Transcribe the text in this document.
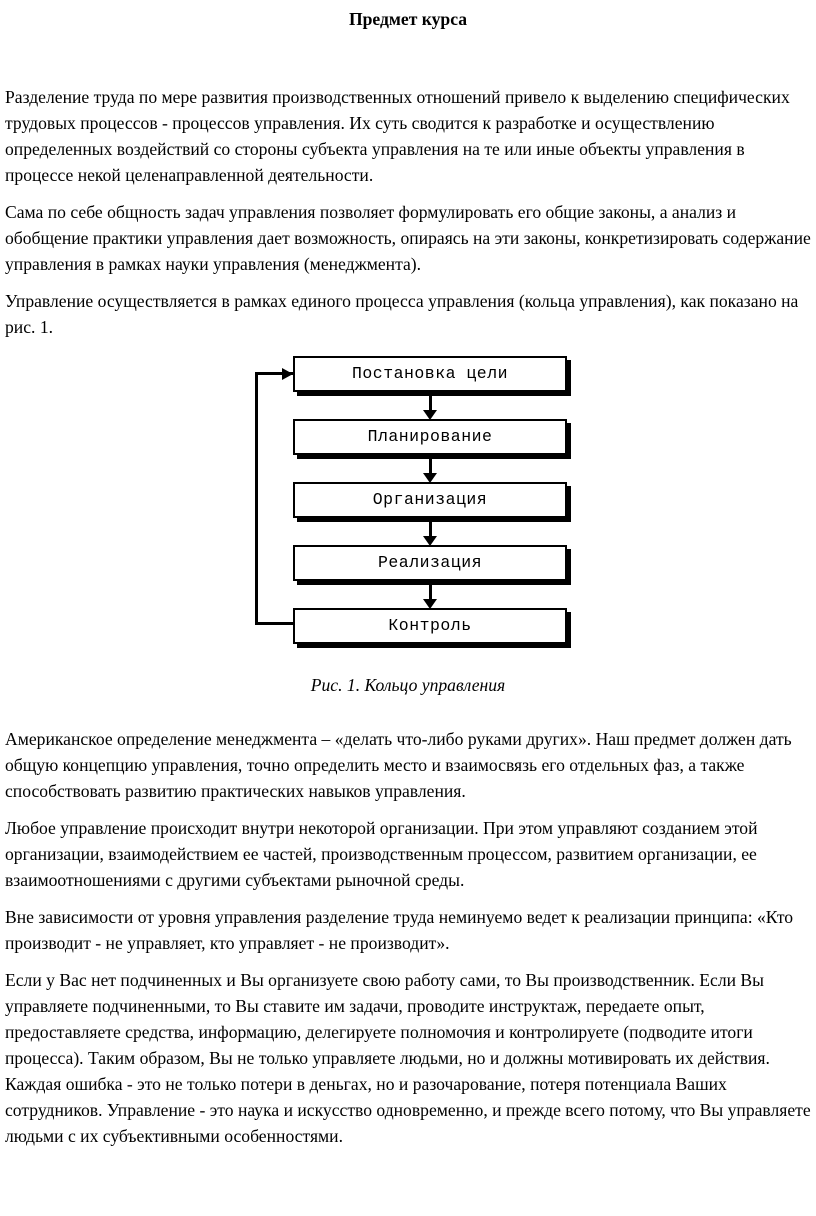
Предмет курса

Разделение труда по мере развития производственных отношений привело к выделению специфических трудовых процессов - процессов управления. Их суть сводится к разработке и осуществлению определенных воздействий со стороны субъекта управления на те или иные объекты управления в процессе некой целенаправленной деятельности.

Сама по себе общность задач управления позволяет формулировать его общие законы, а анализ и обобщение практики управления дает возможность, опираясь на эти законы, конкретизировать содержание управления в рамках науки управления (менеджмента).

Управление осуществляется в рамках единого процесса управления (кольца управления), как показано на рис. 1.

Постановка цели
Планирование
Организация
Реализация
Контроль
Рис. 1. Кольцо управления

Американское определение менеджмента – «делать что-либо руками других». Наш предмет должен дать общую концепцию управления, точно определить место и взаимосвязь его отдельных фаз, а также способствовать развитию практических навыков управления.

Любое управление происходит внутри некоторой организации. При этом управляют созданием этой организации, взаимодействием ее частей, производственным процессом, развитием организации, ее взаимоотношениями с другими субъектами рыночной среды.

Вне зависимости от уровня управления разделение труда неминуемо ведет к реализации принципа: «Кто производит - не управляет, кто управляет - не производит».

Если у Вас нет подчиненных и Вы организуете свою работу сами, то Вы производственник. Если Вы управляете подчиненными, то Вы ставите им задачи, проводите инструктаж, передаете опыт, предоставляете средства, информацию, делегируете полномочия и контролируете (подводите итоги процесса). Таким образом, Вы не только управляете людьми, но и должны мотивировать их действия. Каждая ошибка - это не только потери в деньгах, но и разочарование, потеря потенциала Ваших сотрудников. Управление - это наука и искусство одновременно, и прежде всего потому, что Вы управляете людьми с их субъективными особенностями.
